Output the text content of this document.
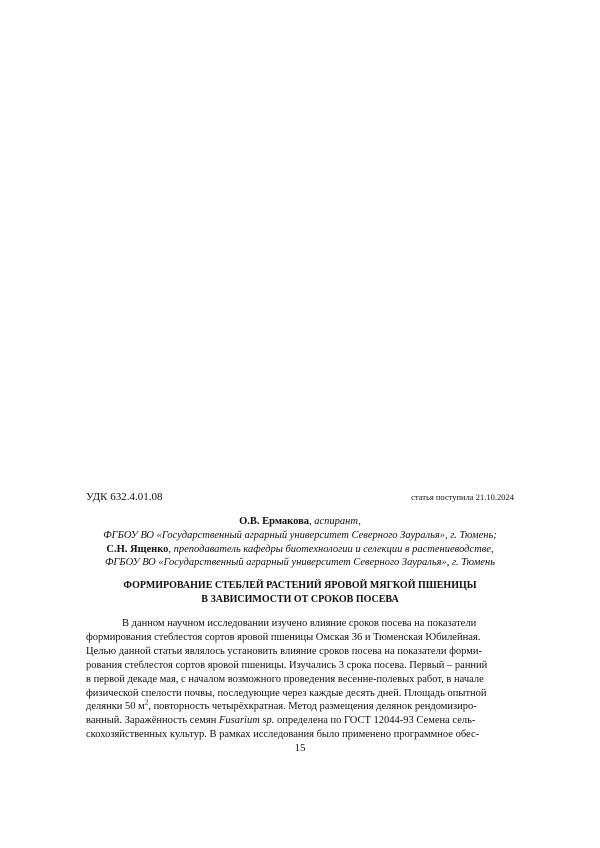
УДК 632.4.01.08	статья поступила 21.10.2024
О.В. Ермакова, аспирант,
ФГБОУ ВО «Государственный аграрный университет Северного Зауралья», г. Тюмень;
С.Н. Ященко, преподаватель кафедры биотехнологии и селекции в растениеводстве,
ФГБОУ ВО «Государственный аграрный университет Северного Зауралья», г. Тюмень
ФОРМИРОВАНИЕ СТЕБЛЕЙ РАСТЕНИЙ ЯРОВОЙ МЯГКОЙ ПШЕНИЦЫ
В ЗАВИСИМОСТИ ОТ СРОКОВ ПОСЕВА
В данном научном исследовании изучено влияние сроков посева на показатели
формирования стеблестоя сортов яровой пшеницы Омская 36 и Тюменская Юбилейная.
Целью данной статьи являлось установить влияние сроков посева на показатели форми-
рования стеблестоя сортов яровой пшеницы. Изучались 3 срока посева. Первый – ранний
в первой декаде мая, с началом возможного проведения весенне-полевых работ, в начале
физической спелости почвы, последующие через каждые десять дней. Площадь опытной
делянки 50 $м^2$, повторность четырёхкратная. Метод размещения делянок рендомизиро-
ванный. Заражённость семян Fusarium sp. определена по ГОСТ 12044-93 Семена сель-
скохозяйственных культур. В рамках исследования было применено программное обес-
15
